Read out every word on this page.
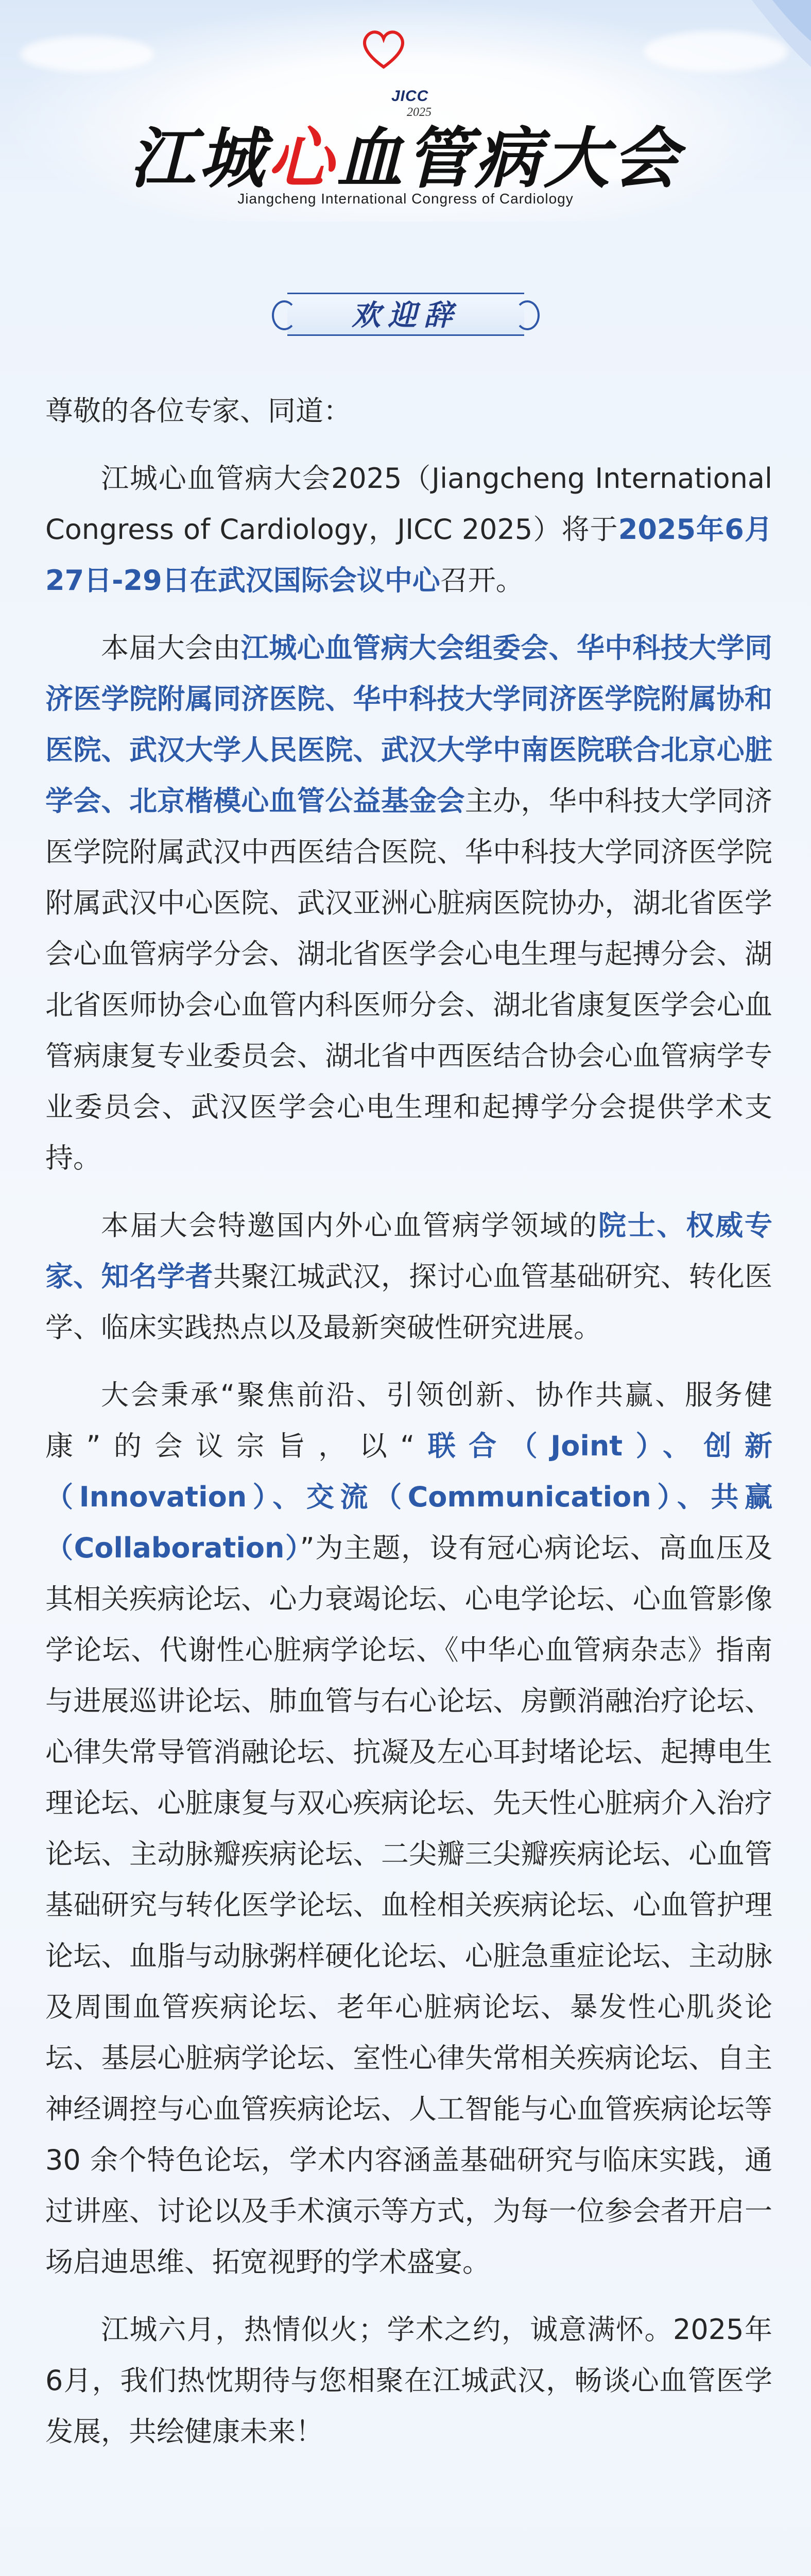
JICC
2025
江城心血管病大会
Jiangcheng International Congress of Cardiology
欢迎辞

尊敬的各位专家、同道：

江城心血管病大会2025（Jiangcheng International Congress of Cardiology，JICC 2025）将于2025年6月27日-29日在武汉国际会议中心召开。

本届大会由江城心血管病大会组委会、华中科技大学同济医学院附属同济医院、华中科技大学同济医学院附属协和医院、武汉大学人民医院、武汉大学中南医院联合北京心脏学会、北京楷模心血管公益基金会主办，华中科技大学同济医学院附属武汉中西医结合医院、华中科技大学同济医学院附属武汉中心医院、武汉亚洲心脏病医院协办，湖北省医学会心血管病学分会、湖北省医学会心电生理与起搏分会、湖北省医师协会心血管内科医师分会、湖北省康复医学会心血管病康复专业委员会、湖北省中西医结合协会心血管病学专业委员会、武汉医学会心电生理和起搏学分会提供学术支持。

本届大会特邀国内外心血管病学领域的院士、权威专家、知名学者共聚江城武汉，探讨心血管基础研究、转化医学、临床实践热点以及最新突破性研究进展。

大会秉承“聚焦前沿、引领创新、协作共赢、服务健康”的会议宗旨，以“联合（Joint）、创新（Innovation）、交流（Communication）、共赢（Collaboration）”为主题，设有冠心病论坛、高血压及其相关疾病论坛、心力衰竭论坛、心电学论坛、心血管影像学论坛、代谢性心脏病学论坛、《中华心血管病杂志》指南与进展巡讲论坛、肺血管与右心论坛、房颤消融治疗论坛、心律失常导管消融论坛、抗凝及左心耳封堵论坛、起搏电生理论坛、心脏康复与双心疾病论坛、先天性心脏病介入治疗论坛、主动脉瓣疾病论坛、二尖瓣三尖瓣疾病论坛、心血管基础研究与转化医学论坛、血栓相关疾病论坛、心血管护理论坛、血脂与动脉粥样硬化论坛、心脏急重症论坛、主动脉及周围血管疾病论坛、老年心脏病论坛、暴发性心肌炎论坛、基层心脏病学论坛、室性心律失常相关疾病论坛、自主神经调控与心血管疾病论坛、人工智能与心血管疾病论坛等 30 余个特色论坛，学术内容涵盖基础研究与临床实践，通过讲座、讨论以及手术演示等方式，为每一位参会者开启一场启迪思维、拓宽视野的学术盛宴。

江城六月，热情似火；学术之约，诚意满怀。2025年6月，我们热忱期待与您相聚在江城武汉，畅谈心血管医学发展，共绘健康未来！
